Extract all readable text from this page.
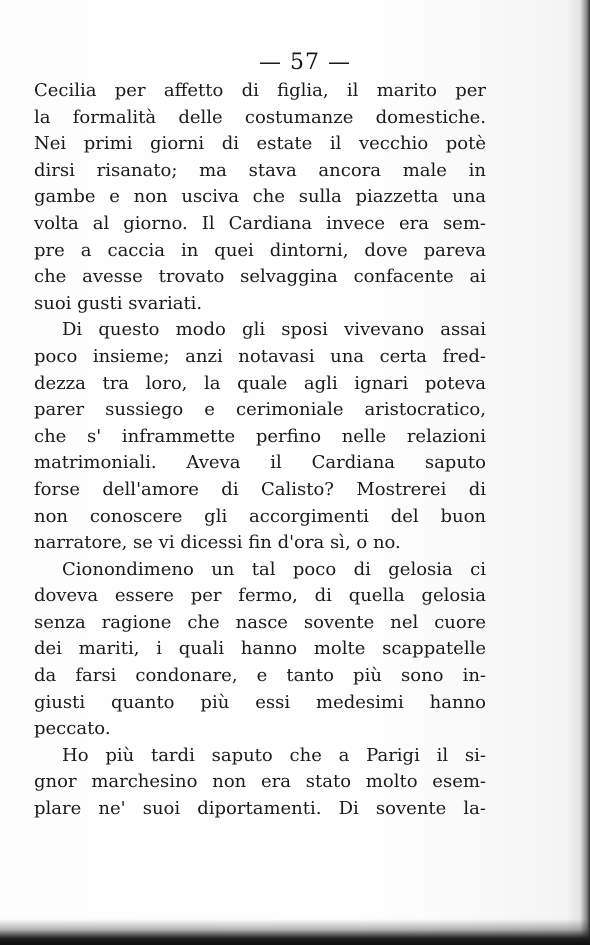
— 57 —
Cecilia per affetto di figlia, il marito per
la formalità delle costumanze domestiche.
Nei primi giorni di estate il vecchio potè
dirsi risanato; ma stava ancora male in
gambe e non usciva che sulla piazzetta una
volta al giorno. Il Cardiana invece era sem-
pre a caccia in quei dintorni, dove pareva
che avesse trovato selvaggina confacente ai
suoi gusti svariati.
Di questo modo gli sposi vivevano assai
poco insieme; anzi notavasi una certa fred-
dezza tra loro, la quale agli ignari poteva
parer sussiego e cerimoniale aristocratico,
che s' inframmette perfino nelle relazioni
matrimoniali. Aveva il Cardiana saputo
forse dell'amore di Calisto? Mostrerei di
non conoscere gli accorgimenti del buon
narratore, se vi dicessi fin d'ora sì, o no.
Cionondimeno un tal poco di gelosia ci
doveva essere per fermo, di quella gelosia
senza ragione che nasce sovente nel cuore
dei mariti, i quali hanno molte scappatelle
da farsi condonare, e tanto più sono in-
giusti quanto più essi medesimi hanno
peccato.
Ho più tardi saputo che a Parigi il si-
gnor marchesino non era stato molto esem-
plare ne' suoi diportamenti. Di sovente la-
